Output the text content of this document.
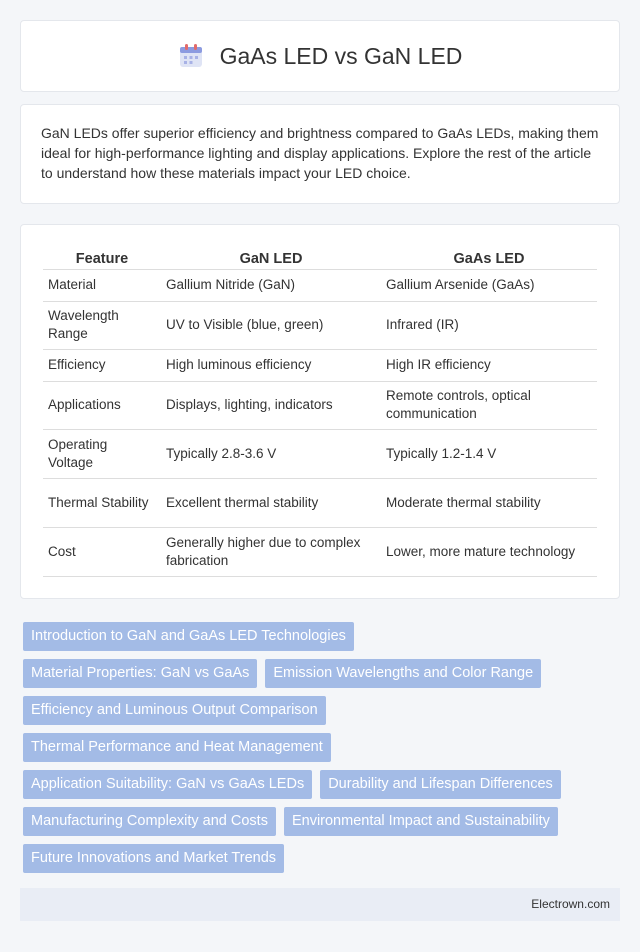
GaAs LED vs GaN LED

GaN LEDs offer superior efficiency and brightness compared to GaAs LEDs, making them ideal for high-performance lighting and display applications. Explore the rest of the article to understand how these materials impact your LED choice.

Feature	GaN LED	GaAs LED
Material	Gallium Nitride (GaN)	Gallium Arsenide (GaAs)
Wavelength Range	UV to Visible (blue, green)	Infrared (IR)
Efficiency	High luminous efficiency	High IR efficiency
Applications	Displays, lighting, indicators	Remote controls, optical communication
Operating Voltage	Typically 2.8-3.6 V	Typically 1.2-1.4 V
Thermal Stability	Excellent thermal stability	Moderate thermal stability
Cost	Generally higher due to complex fabrication	Lower, more mature technology
Introduction to GaN and GaAs LED Technologies
Material Properties: GaN vs GaAs	Emission Wavelengths and Color Range
Efficiency and Luminous Output Comparison
Thermal Performance and Heat Management
Application Suitability: GaN vs GaAs LEDs	Durability and Lifespan Differences
Manufacturing Complexity and Costs	Environmental Impact and Sustainability
Future Innovations and Market Trends
Electrown.com
